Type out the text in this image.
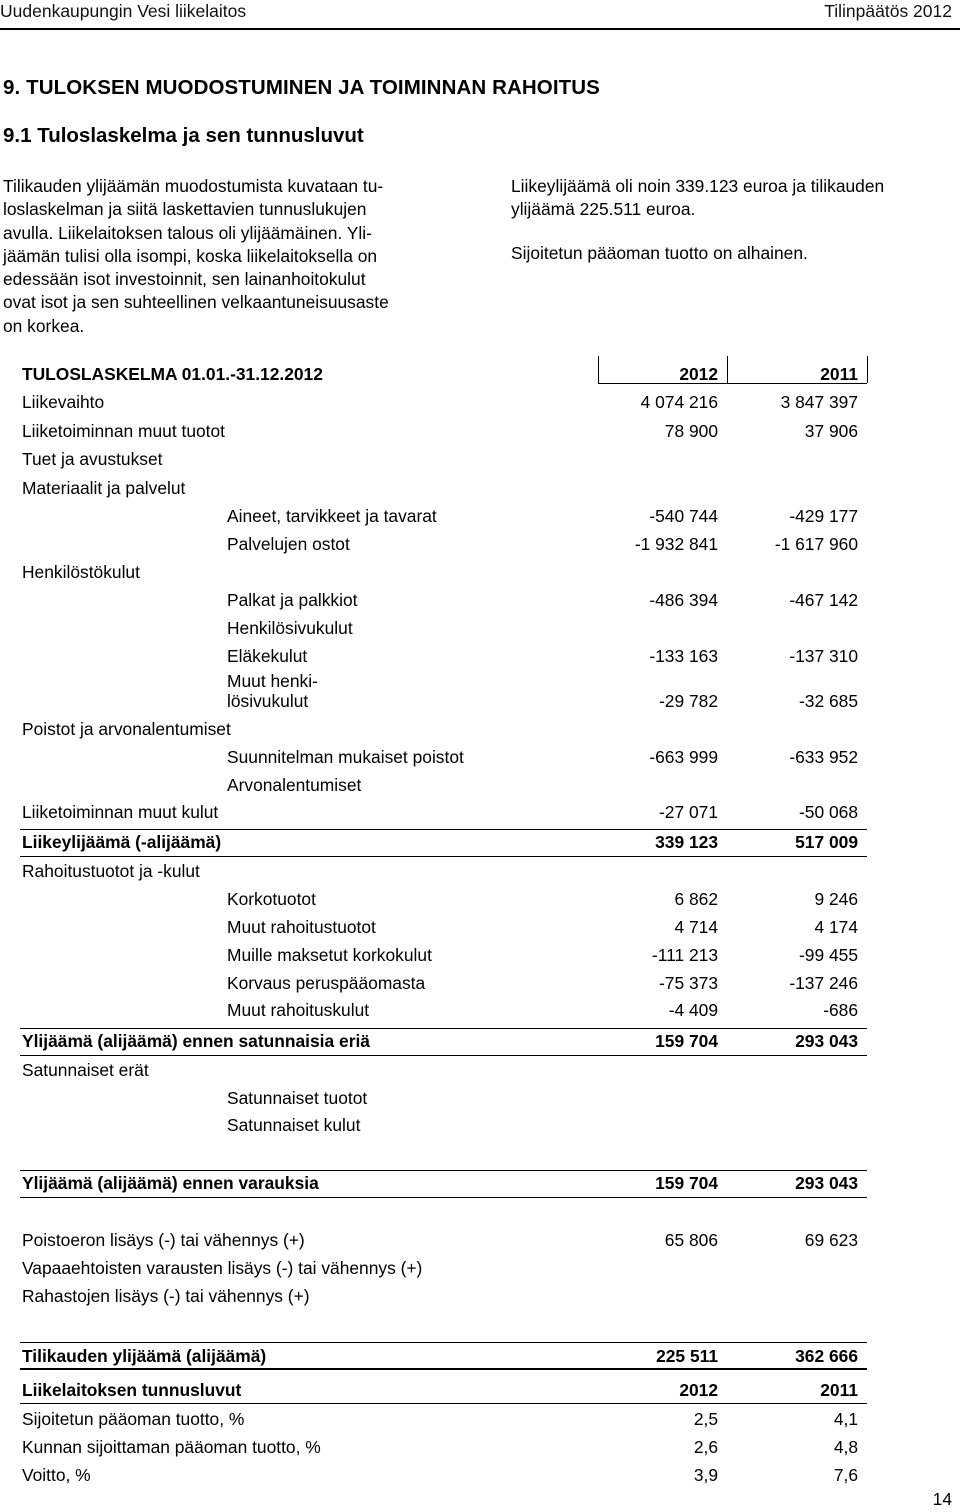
Uudenkaupungin Vesi liikelaitos	Tilinpäätös 2012
9. TULOKSEN MUODOSTUMINEN JA TOIMINNAN RAHOITUS
9.1 Tuloslaskelma ja sen tunnusluvut
Tilikauden ylijäämän muodostumista kuvataan tu-
loslaskelman ja siitä laskettavien tunnuslukujen
avulla. Liikelaitoksen talous oli ylijäämäinen. Yli-
jäämän tulisi olla isompi, koska liikelaitoksella on
edessään isot investoinnit, sen lainanhoitokulut
ovat isot ja sen suhteellinen velkaantuneisuusaste
on korkea.
Liikeylijäämä oli noin 339.123 euroa ja tilikauden
ylijäämä 225.511 euroa.
Sijoitetun pääoman tuotto on alhainen.
TULOSLASKELMA 01.01.-31.12.2012	2012	2011
Liikevaihto	4 074 216	3 847 397
Liiketoiminnan muut tuotot	78 900	37 906
Tuet ja avustukset
Materiaalit ja palvelut
Aineet, tarvikkeet ja tavarat	-540 744	-429 177
Palvelujen ostot	-1 932 841	-1 617 960
Henkilöstökulut
Palkat ja palkkiot	-486 394	-467 142
Henkilösivukulut
Eläkekulut	-133 163	-137 310
Muut henki-
lösivukulut	-29 782	-32 685
Poistot ja arvonalentumiset
Suunnitelman mukaiset poistot	-663 999	-633 952
Arvonalentumiset
Liiketoiminnan muut kulut	-27 071	-50 068
Liikeylijäämä (-alijäämä)	339 123	517 009
Rahoitustuotot ja -kulut
Korkotuotot	6 862	9 246
Muut rahoitustuotot	4 714	4 174
Muille maksetut korkokulut	-111 213	-99 455
Korvaus peruspääomasta	-75 373	-137 246
Muut rahoituskulut	-4 409	-686
Ylijäämä (alijäämä) ennen satunnaisia eriä	159 704	293 043
Satunnaiset erät
Satunnaiset tuotot
Satunnaiset kulut
Ylijäämä (alijäämä) ennen varauksia	159 704	293 043
Poistoeron lisäys (-) tai vähennys (+)	65 806	69 623
Vapaaehtoisten varausten lisäys (-) tai vähennys (+)
Rahastojen lisäys (-) tai vähennys (+)
Tilikauden ylijäämä (alijäämä)	225 511	362 666
Liikelaitoksen tunnusluvut	2012	2011
Sijoitetun pääoman tuotto, %	2,5	4,1
Kunnan sijoittaman pääoman tuotto, %	2,6	4,8
Voitto, %	3,9	7,6
14
